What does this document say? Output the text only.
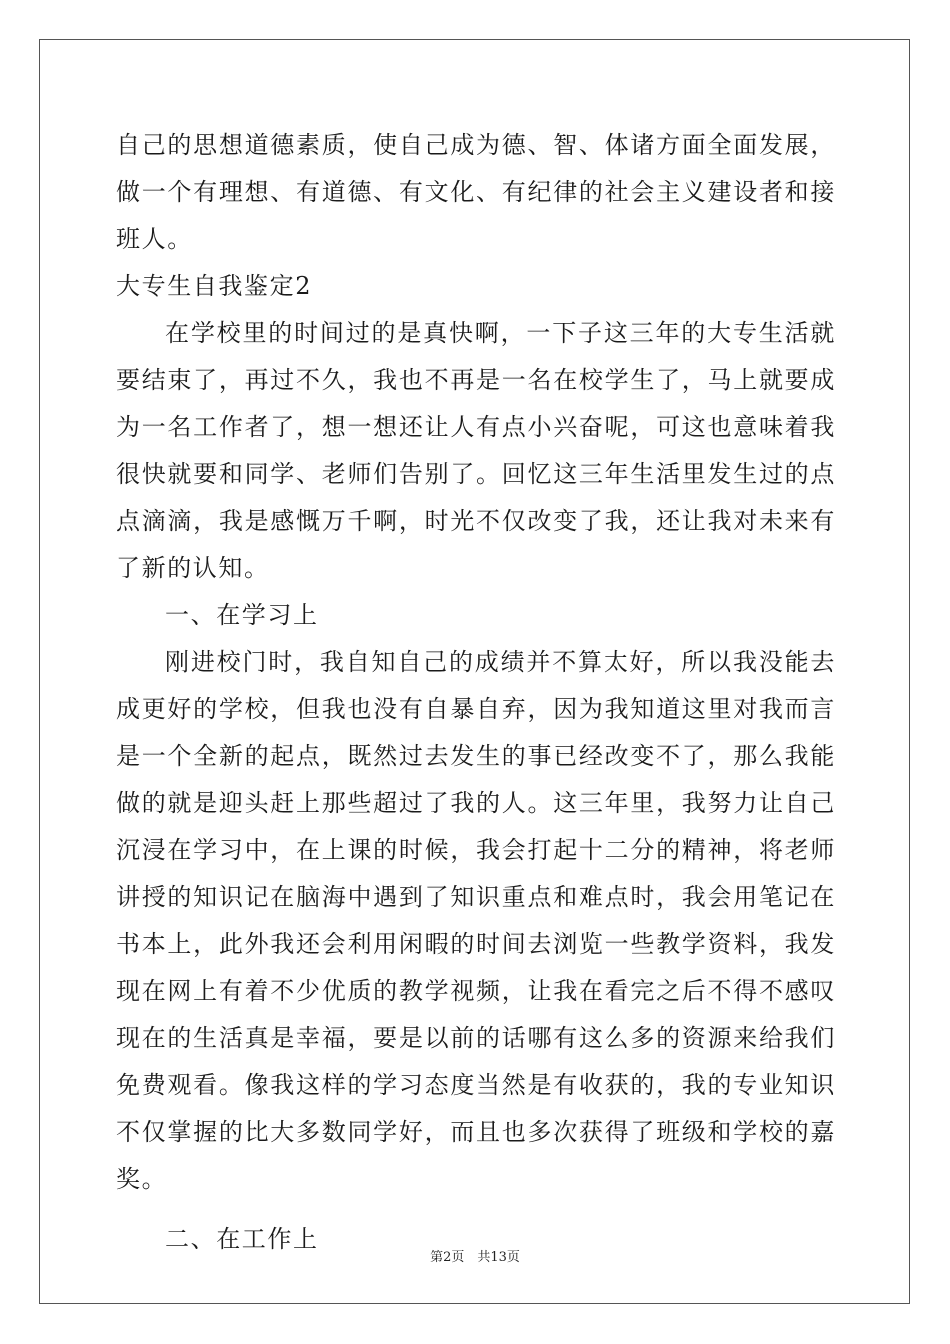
自己的思想道德素质，使自己成为德、智、体诸方面全面发展，做一个有理想、有道德、有文化、有纪律的社会主义建设者和接班人。

大专生自我鉴定2

在学校里的时间过的是真快啊，一下子这三年的大专生活就要结束了，再过不久，我也不再是一名在校学生了，马上就要成为一名工作者了，想一想还让人有点小兴奋呢，可这也意味着我很快就要和同学、老师们告别了。回忆这三年生活里发生过的点点滴滴，我是感慨万千啊，时光不仅改变了我，还让我对未来有了新的认知。

一、在学习上

刚进校门时，我自知自己的成绩并不算太好，所以我没能去成更好的学校，但我也没有自暴自弃，因为我知道这里对我而言是一个全新的起点，既然过去发生的事已经改变不了，那么我能做的就是迎头赶上那些超过了我的人。这三年里，我努力让自己沉浸在学习中，在上课的时候，我会打起十二分的精神，将老师讲授的知识记在脑海中遇到了知识重点和难点时，我会用笔记在书本上，此外我还会利用闲暇的时间去浏览一些教学资料，我发现在网上有着不少优质的教学视频，让我在看完之后不得不感叹现在的生活真是幸福，要是以前的话哪有这么多的资源来给我们免费观看。像我这样的学习态度当然是有收获的，我的专业知识不仅掌握的比大多数同学好，而且也多次获得了班级和学校的嘉奖。

二、在工作上

第2页　共13页
